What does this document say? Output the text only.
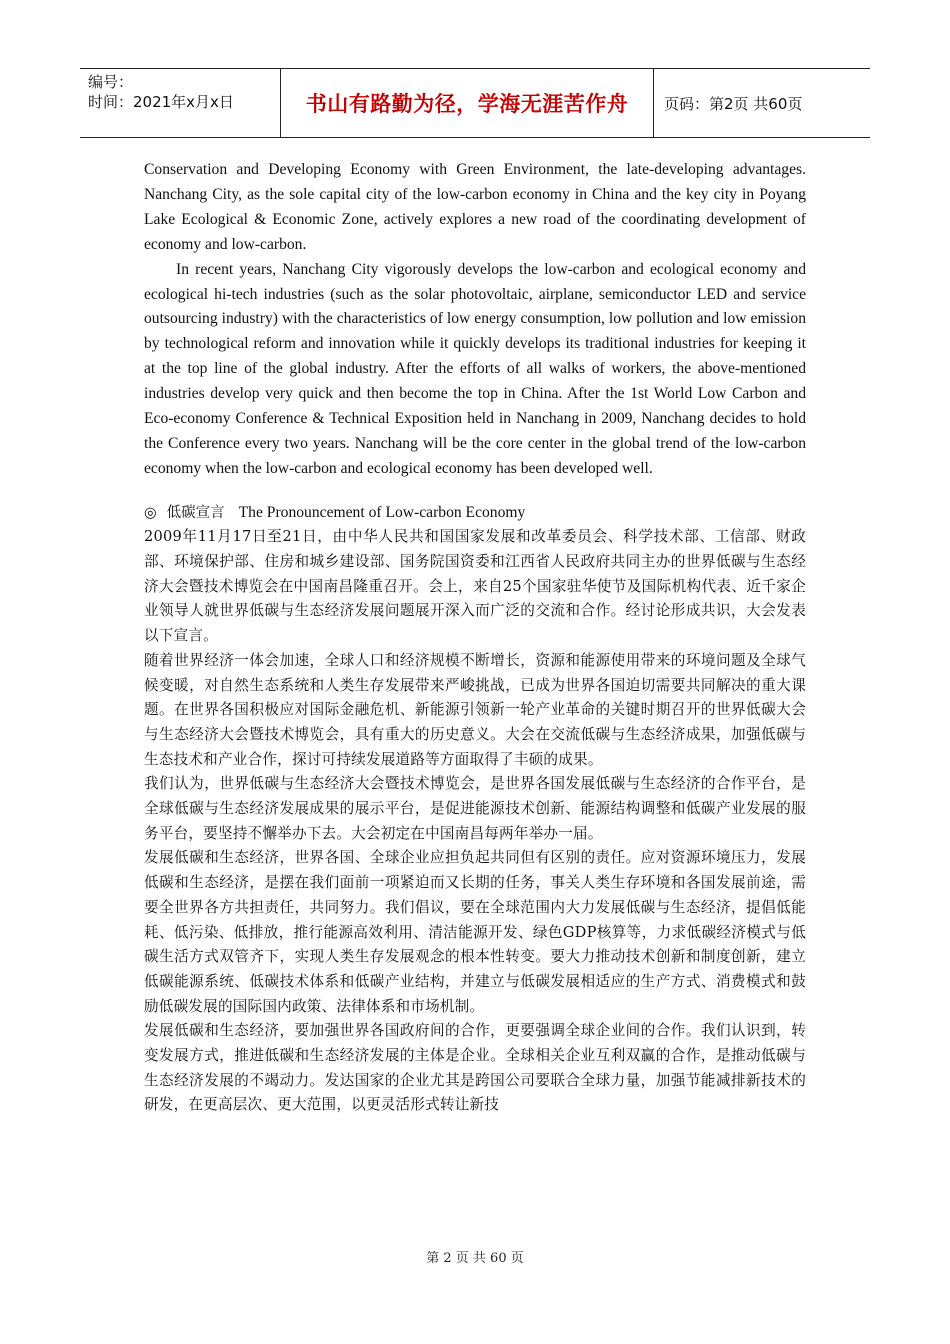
编号：
时间：2021年x月x日	书山有路勤为径，学海无涯苦作舟	页码：第2页 共60页

Conservation and Developing Economy with Green Environment, the late-developing advantages. Nanchang City, as the sole capital city of the low-carbon economy in China and the key city in Poyang Lake Ecological & Economic Zone, actively explores a new road of the coordinating development of economy and low-carbon.

In recent years, Nanchang City vigorously develops the low-carbon and ecological economy and ecological hi-tech industries (such as the solar photovoltaic, airplane, semiconductor LED and service outsourcing industry) with the characteristics of low energy consumption, low pollution and low emission by technological reform and innovation while it quickly develops its traditional industries for keeping it at the top line of the global industry. After the efforts of all walks of workers, the above-mentioned industries develop very quick and then become the top in China. After the 1st World Low Carbon and Eco-economy Conference & Technical Exposition held in Nanchang in 2009, Nanchang decides to hold the Conference every two years. Nanchang will be the core center in the global trend of the low-carbon economy when the low-carbon and ecological economy has been developed well.

◎ 低碳宣言 The Pronouncement of Low-carbon Economy

2009年11月17日至21日，由中华人民共和国国家发展和改革委员会、科学技术部、工信部、财政部、环境保护部、住房和城乡建设部、国务院国资委和江西省人民政府共同主办的世界低碳与生态经济大会暨技术博览会在中国南昌隆重召开。会上，来自25个国家驻华使节及国际机构代表、近千家企业领导人就世界低碳与生态经济发展问题展开深入而广泛的交流和合作。经讨论形成共识，大会发表以下宣言。

随着世界经济一体会加速，全球人口和经济规模不断增长，资源和能源使用带来的环境问题及全球气候变暖，对自然生态系统和人类生存发展带来严峻挑战，已成为世界各国迫切需要共同解决的重大课题。在世界各国积极应对国际金融危机、新能源引领新一轮产业革命的关键时期召开的世界低碳大会与生态经济大会暨技术博览会，具有重大的历史意义。大会在交流低碳与生态经济成果，加强低碳与生态技术和产业合作，探讨可持续发展道路等方面取得了丰硕的成果。

我们认为，世界低碳与生态经济大会暨技术博览会，是世界各国发展低碳与生态经济的合作平台，是全球低碳与生态经济发展成果的展示平台，是促进能源技术创新、能源结构调整和低碳产业发展的服务平台，要坚持不懈举办下去。大会初定在中国南昌每两年举办一届。

发展低碳和生态经济，世界各国、全球企业应担负起共同但有区别的责任。应对资源环境压力，发展低碳和生态经济，是摆在我们面前一项紧迫而又长期的任务，事关人类生存环境和各国发展前途，需要全世界各方共担责任，共同努力。我们倡议，要在全球范围内大力发展低碳与生态经济，提倡低能耗、低污染、低排放，推行能源高效利用、清洁能源开发、绿色GDP核算等，力求低碳经济模式与低碳生活方式双管齐下，实现人类生存发展观念的根本性转变。要大力推动技术创新和制度创新，建立低碳能源系统、低碳技术体系和低碳产业结构，并建立与低碳发展相适应的生产方式、消费模式和鼓励低碳发展的国际国内政策、法律体系和市场机制。

发展低碳和生态经济，要加强世界各国政府间的合作，更要强调全球企业间的合作。我们认识到，转变发展方式，推进低碳和生态经济发展的主体是企业。全球相关企业互利双赢的合作，是推动低碳与生态经济发展的不竭动力。发达国家的企业尤其是跨国公司要联合全球力量，加强节能减排新技术的研发，在更高层次、更大范围，以更灵活形式转让新技

第 2 页 共 60 页
